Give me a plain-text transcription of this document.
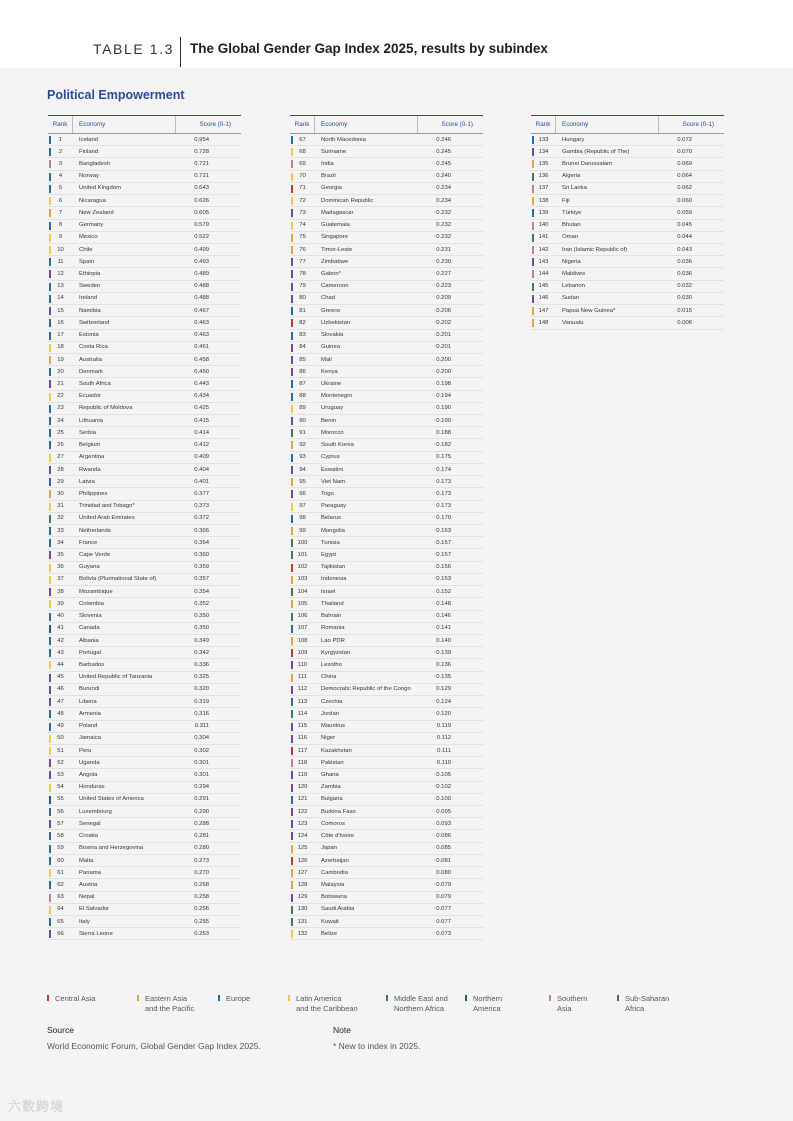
TABLE 1.3 The Global Gender Gap Index 2025, results by subindex
Political Empowerment
Rank	Economy	Score (0-1)
1	Iceland	0.954
2	Finland	0.728
3	Bangladesh	0.721
4	Norway	0.721
5	United Kingdom	0.643
6	Nicaragua	0.626
7	New Zealand	0.605
8	Germany	0.579
9	Mexico	0.522
10	Chile	0.499
11	Spain	0.493
12	Ethiopia	0.489
13	Sweden	0.488
14	Ireland	0.488
15	Namibia	0.467
16	Switzerland	0.463
17	Estonia	0.463
18	Costa Rica	0.461
19	Australia	0.458
20	Denmark	0.450
21	South Africa	0.443
22	Ecuador	0.434
23	Republic of Moldova	0.425
24	Lithuania	0.415
25	Serbia	0.414
26	Belgium	0.412
27	Argentina	0.409
28	Rwanda	0.404
29	Latvia	0.401
30	Philippines	0.377
31	Trinidad and Tobago*	0.373
32	United Arab Emirates	0.372
33	Netherlands	0.366
34	France	0.364
35	Cape Verde	0.360
36	Guyana	0.359
37	Bolivia (Plurinational State of)	0.357
38	Mozambique	0.354
39	Colombia	0.352
40	Slovenia	0.350
41	Canada	0.350
42	Albania	0.349
43	Portugal	0.342
44	Barbados	0.336
45	United Republic of Tanzania	0.325
46	Burundi	0.320
47	Liberia	0.319
48	Armenia	0.316
49	Poland	0.311
50	Jamaica	0.304
51	Peru	0.302
52	Uganda	0.301
53	Angola	0.301
54	Honduras	0.294
55	United States of America	0.291
56	Luxembourg	0.290
57	Senegal	0.288
58	Croatia	0.281
59	Bosnia and Herzegovina	0.280
60	Malta	0.273
61	Panama	0.270
62	Austria	0.268
63	Nepal	0.258
64	El Salvador	0.256
65	Italy	0.255
66	Sierra Leone	0.253
Rank	Economy	Score (0-1)
67	North Macedonia	0.246
68	Suriname	0.245
69	India	0.245
70	Brazil	0.240
71	Georgia	0.234
72	Dominican Republic	0.234
73	Madagascar	0.232
74	Guatemala	0.232
75	Singapore	0.232
76	Timor-Leste	0.231
77	Zimbabwe	0.230
78	Gabon*	0.227
79	Cameroon	0.223
80	Chad	0.209
81	Greece	0.206
82	Uzbekistan	0.202
83	Slovakia	0.201
84	Guinea	0.201
85	Mali	0.200
86	Kenya	0.200
87	Ukraine	0.198
88	Montenegro	0.194
89	Uruguay	0.190
90	Benin	0.190
91	Morocco	0.188
92	South Korea	0.182
93	Cyprus	0.175
94	Eswatini	0.174
95	Viet Nam	0.173
96	Togo	0.173
97	Paraguay	0.173
98	Belarus	0.170
99	Mongolia	0.163
100	Tunisia	0.157
101	Egypt	0.157
102	Tajikistan	0.156
103	Indonesia	0.153
104	Israel	0.152
105	Thailand	0.148
106	Bahrain	0.146
107	Romania	0.141
108	Lao PDR	0.140
109	Kyrgyzstan	0.139
110	Lesotho	0.136
111	China	0.135
112	Democratic Republic of the Congo	0.129
113	Czechia	0.124
114	Jordan	0.120
115	Mauritius	0.119
116	Niger	0.112
117	Kazakhstan	0.111
118	Pakistan	0.110
119	Ghana	0.105
120	Zambia	0.102
121	Bulgaria	0.100
122	Burkina Faso	0.095
123	Comoros	0.093
124	Côte d'Ivoire	0.086
125	Japan	0.085
126	Azerbaijan	0.081
127	Cambodia	0.080
128	Malaysia	0.079
129	Botswana	0.079
130	Saudi Arabia	0.077
131	Kuwait	0.077
132	Belize	0.073
Rank	Economy	Score (0-1)
133	Hungary	0.072
134	Gambia (Republic of The)	0.070
135	Brunei Darussalam	0.069
136	Algeria	0.064
137	Sri Lanka	0.062
138	Fiji	0.060
139	Türkiye	0.059
140	Bhutan	0.045
141	Oman	0.044
142	Iran (Islamic Republic of)	0.043
143	Nigeria	0.036
144	Maldives	0.036
145	Lebanon	0.032
146	Sudan	0.030
147	Papua New Guinea*	0.015
148	Vanuatu	0.006
Central Asia	Eastern Asia
and the Pacific
Europe	Latin America
and the Caribbean
Middle East and
Northern Africa
Northern
America
Southern
Asia
Sub-Saharan
Africa
Source
World Economic Forum, Global Gender Gap Index 2025.
Note
* New to index in 2025.
六数跨境
